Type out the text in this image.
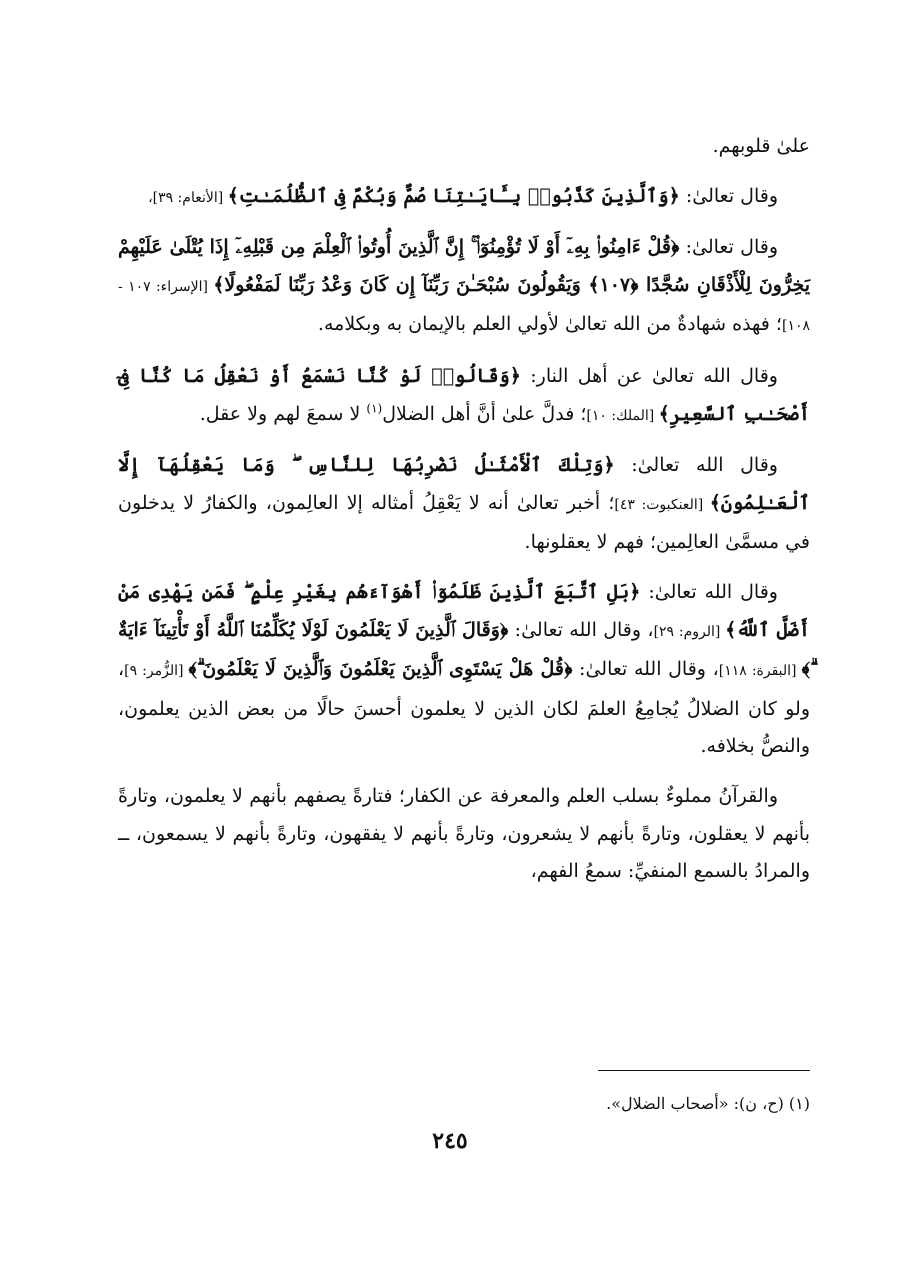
علىٰ قلوبهم.

وقال تعالىٰ: ﴿وَٱلَّذِينَ كَذَّبُوا۟ بِـَٔايَـٰتِنَا صُمٌّ وَبُكْمٌ فِى ٱلظُّلُمَـٰتِ﴾ [الأنعام: ٣٩]،

وقال تعالىٰ: ﴿قُلْ ءَامِنُوا۟ بِهِۦٓ أَوْ لَا تُؤْمِنُوٓا۟ ۚ إِنَّ ٱلَّذِينَ أُوتُوا۟ ٱلْعِلْمَ مِن قَبْلِهِۦٓ إِذَا يُتْلَىٰ عَلَيْهِمْ يَخِرُّونَ لِلْأَذْقَانِ سُجَّدًا ﴿١٠٧﴾ وَيَقُولُونَ سُبْحَـٰنَ رَبِّنَآ إِن كَانَ وَعْدُ رَبِّنَا لَمَفْعُولًا﴾ [الإسراء: ١٠٧ - ١٠٨]؛ فهذه شهادةٌ من الله تعالىٰ لأولي العلم بالإيمان به وبكلامه.

وقال الله تعالىٰ عن أهل النار: ﴿وَقَالُوا۟ لَوْ كُنَّا نَسْمَعُ أَوْ نَعْقِلُ مَا كُنَّا فِىٓ أَصْحَـٰبِ ٱلسَّعِيرِ﴾ [الملك: ١٠]؛ فدلَّ علىٰ أنَّ أهل الضلال$^{(١)}$ لا سمعَ لهم ولا عقل.

وقال الله تعالىٰ: ﴿وَتِلْكَ ٱلْأَمْثَـٰلُ نَضْرِبُهَا لِلنَّاسِ ۖ وَمَا يَعْقِلُهَآ إِلَّا ٱلْعَـٰلِمُونَ﴾ [العنكبوت: ٤٣]؛ أخبر تعالىٰ أنه لا يَعْقِلُ أمثاله إلا العالِمون، والكفارُ لا يدخلون في مسمَّىٰ العالِمين؛ فهم لا يعقلونها.

وقال الله تعالىٰ: ﴿بَلِ ٱتَّبَعَ ٱلَّذِينَ ظَلَمُوٓا۟ أَهْوَآءَهُم بِغَيْرِ عِلْمٍ ۖ فَمَن يَهْدِى مَنْ أَضَلَّ ٱللَّهُ﴾ [الروم: ٢٩]، وقال الله تعالىٰ: ﴿وَقَالَ ٱلَّذِينَ لَا يَعْلَمُونَ لَوْلَا يُكَلِّمُنَا ٱللَّهُ أَوْ تَأْتِينَآ ءَايَةٌ ۗ﴾ [البقرة: ١١٨]، وقال الله تعالىٰ: ﴿قُلْ هَلْ يَسْتَوِى ٱلَّذِينَ يَعْلَمُونَ وَٱلَّذِينَ لَا يَعْلَمُونَ ۗ﴾ [الزُّمر: ٩]، ولو كان الضلالُ يُجامِعُ العلمَ لكان الذين لا يعلمون أحسنَ حالًا من بعض الذين يعلمون، والنصُّ بخلافه.

والقرآنُ مملوءٌ بسلب العلم والمعرفة عن الكفار؛ فتارةً يصفهم بأنهم لا يعلمون، وتارةً بأنهم لا يعقلون، وتارةً بأنهم لا يشعرون، وتارةً بأنهم لا يفقهون، وتارةً بأنهم لا يسمعون، ــ والمرادُ بالسمع المنفيِّ: سمعُ الفهم،

(١) (ح، ن): «أصحاب الضلال».
٢٤٥
